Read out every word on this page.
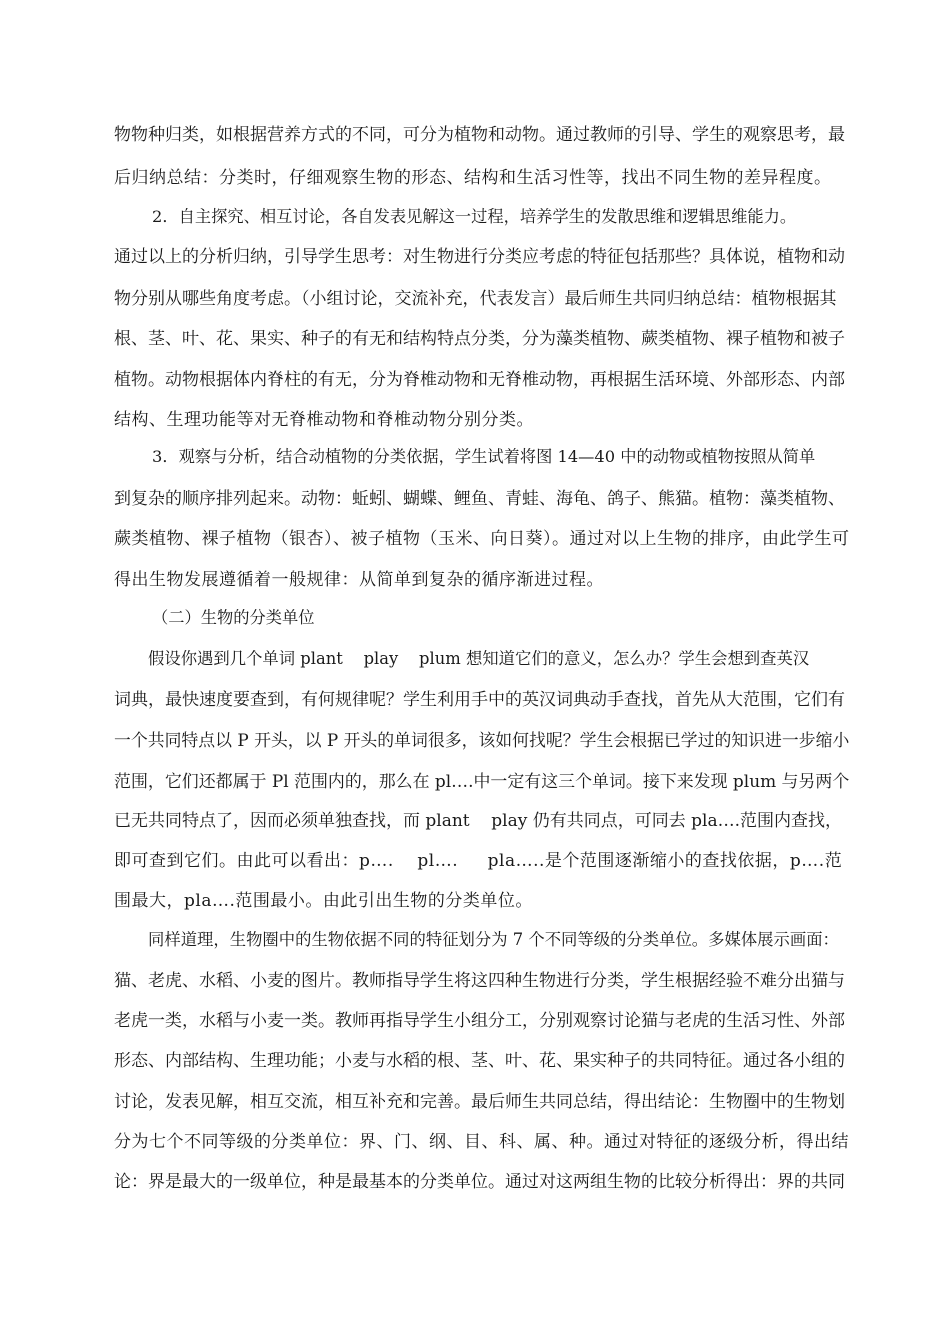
物物种归类，如根据营养方式的不同，可分为植物和动物。通过教师的引导、学生的观察思考，最
后归纳总结：分类时，仔细观察生物的形态、结构和生活习性等，找出不同生物的差异程度。
2．自主探究、相互讨论，各自发表见解这一过程，培养学生的发散思维和逻辑思维能力。
通过以上的分析归纳，引导学生思考：对生物进行分类应考虑的特征包括那些？具体说，植物和动
物分别从哪些角度考虑。（小组讨论，交流补充，代表发言）最后师生共同归纳总结：植物根据其
根、茎、叶、花、果实、种子的有无和结构特点分类，分为藻类植物、蕨类植物、裸子植物和被子
植物。动物根据体内脊柱的有无，分为脊椎动物和无脊椎动物，再根据生活环境、外部形态、内部
结构、生理功能等对无脊椎动物和脊椎动物分别分类。
3．观察与分析，结合动植物的分类依据，学生试着将图 14—40 中的动物或植物按照从简单
到复杂的顺序排列起来。动物：蚯蚓、蝴蝶、鲤鱼、青蛙、海龟、鸽子、熊猫。植物：藻类植物、
蕨类植物、裸子植物（银杏）、被子植物（玉米、向日葵）。通过对以上生物的排序，由此学生可
得出生物发展遵循着一般规律：从简单到复杂的循序渐进过程。
（二）生物的分类单位
假设你遇到几个单词 plant    play    plum 想知道它们的意义，怎么办？学生会想到查英汉
词典，最快速度要查到，有何规律呢？学生利用手中的英汉词典动手查找，首先从大范围，它们有
一个共同特点以 P 开头，以 P 开头的单词很多，该如何找呢？学生会根据已学过的知识进一步缩小
范围，它们还都属于 Pl 范围内的，那么在 pl….中一定有这三个单词。接下来发现 plum 与另两个
已无共同特点了，因而必须单独查找，而 plant    play 仍有共同点，可同去 pla….范围内查找，
即可查到它们。由此可以看出：p….    pl….     pla…..是个范围逐渐缩小的查找依据，p….范
围最大，pla….范围最小。由此引出生物的分类单位。
同样道理，生物圈中的生物依据不同的特征划分为 7 个不同等级的分类单位。多媒体展示画面：
猫、老虎、水稻、小麦的图片。教师指导学生将这四种生物进行分类，学生根据经验不难分出猫与
老虎一类，水稻与小麦一类。教师再指导学生小组分工，分别观察讨论猫与老虎的生活习性、外部
形态、内部结构、生理功能；小麦与水稻的根、茎、叶、花、果实种子的共同特征。通过各小组的
讨论，发表见解，相互交流，相互补充和完善。最后师生共同总结，得出结论：生物圈中的生物划
分为七个不同等级的分类单位：界、门、纲、目、科、属、种。通过对特征的逐级分析，得出结
论：界是最大的一级单位，种是最基本的分类单位。通过对这两组生物的比较分析得出：界的共同
